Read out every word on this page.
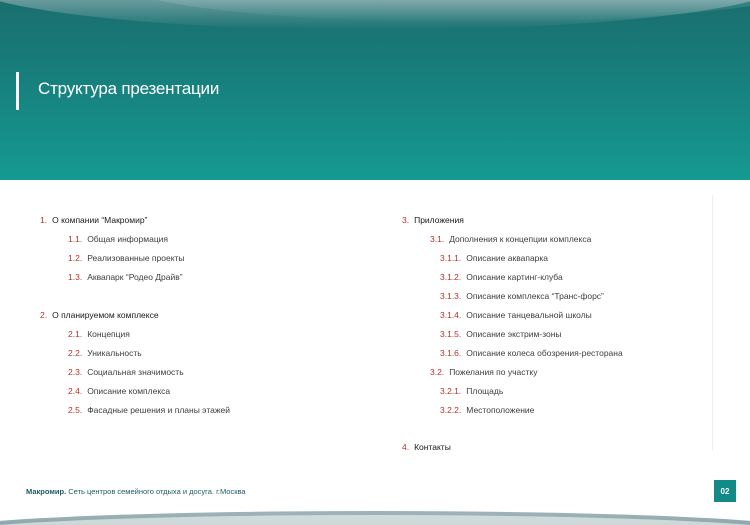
Структура презентации
1. О компании “Макромир”
1.1. Общая информация
1.2. Реализованные проекты
1.3. Аквапарк “Родео Драйв”
2. О планируемом комплексе
2.1. Концепция
2.2. Уникальность
2.3. Социальная значимость
2.4. Описание комплекса
2.5. Фасадные решения и планы этажей
3. Приложения
3.1. Дополнения к концепции комплекса
3.1.1. Описание аквапарка
3.1.2. Описание картинг-клуба
3.1.3. Описание комплекса “Транс-форс”
3.1.4. Описание танцевальной школы
3.1.5. Описание экстрим-зоны
3.1.6. Описание колеса обозрения-ресторана
3.2. Пожелания по участку
3.2.1. Площадь
3.2.2. Местоположение
4. Контакты
Макромир. Сеть центров семейного отдыха и досуга. г.Москва	02
